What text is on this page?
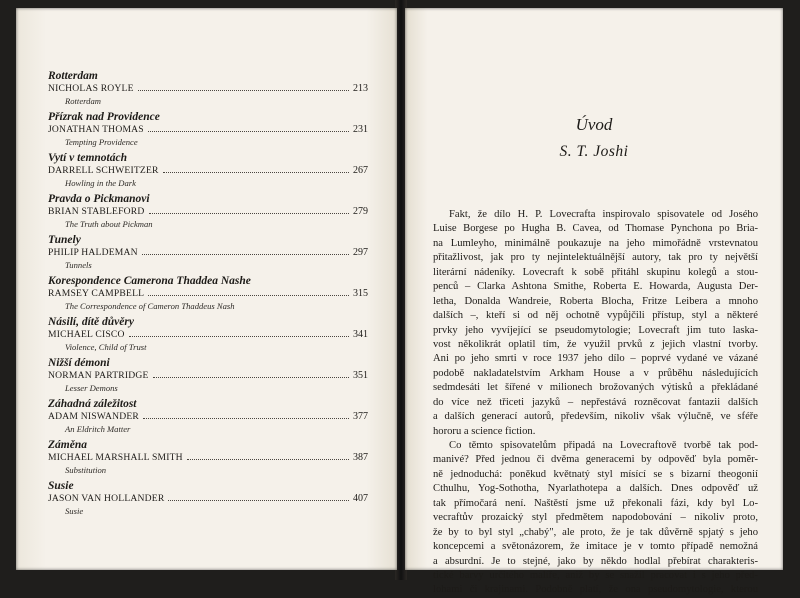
Rotterdam
NICHOLAS ROYLE	213
Rotterdam
Přízrak nad Providence
JONATHAN THOMAS	231
Tempting Providence
Vytí v temnotách
DARRELL SCHWEITZER	267
Howling in the Dark
Pravda o Pickmanovi
BRIAN STABLEFORD	279
The Truth about Pickman
Tunely
PHILIP HALDEMAN	297
Tunnels
Korespondence Camerona Thaddea Nashe
RAMSEY CAMPBELL	315
The Correspondence of Cameron Thaddeus Nash
Násilí, dítě důvěry
MICHAEL CISCO	341
Violence, Child of Trust
Nižší démoni
NORMAN PARTRIDGE	351
Lesser Demons
Záhadná záležitost
ADAM NISWANDER	377
An Eldritch Matter
Záměna
MICHAEL MARSHALL SMITH	387
Substitution
Susie
JASON VAN HOLLANDER	407
Susie
Úvod
S. T. Joshi
Fakt, že dílo H. P. Lovecrafta inspirovalo spisovatele od Josého
Luise Borgese po Hugha B. Cavea, od Thomase Pynchona po Bria-
na Lumleyho, minimálně poukazuje na jeho mimořádně vrstevnatou
přitažlivost, jak pro ty nejintelektuálnější autory, tak pro ty největší
literární nádeníky. Lovecraft k sobě přitáhl skupinu kolegů a stou-
penců – Clarka Ashtona Smithe, Roberta E. Howarda, Augusta Der-
letha, Donalda Wandreie, Roberta Blocha, Fritze Leibera a mnoho
dalších –, kteří si od něj ochotně vypůjčili přístup, styl a některé
prvky jeho vyvíjející se pseudomytologie; Lovecraft jim tuto laska-
vost několikrát oplatil tím, že využil prvků z jejich vlastní tvorby.
Ani po jeho smrti v roce 1937 jeho dílo – poprvé vydané ve vázané
podobě nakladatelstvím Arkham House a v průběhu následujících
sedmdesáti let šířené v milionech brožovaných výtisků a překládané
do více než třiceti jazyků – nepřestává rozněcovat fantazii dalších
a dalších generací autorů, především, nikoliv však výlučně, ve sféře
hororu a science fiction.
Co těmto spisovatelům připadá na Lovecraftově tvorbě tak pod-
manivé? Před jednou či dvěma generacemi by odpověď byla pomĕr-
ně jednoduchá: poněkud květnatý styl mísící se s bizarní theogonií
Cthulhu, Yog-Sothotha, Nyarlathotepa a dalších. Dnes odpověď už
tak přímočará není. Naštěstí jsme už překonali fázi, kdy byl Lo-
vecraftův prozaický styl předmětem napodobování – nikoliv proto,
že by to byl styl „chabý", ale proto, že je tak důvěrně spjatý s jeho
koncepcemi a světonázorem, že imitace je v tomto případě nemožná
a absurdní. Je to stejné, jako by někdo hodlal přebírat charakteris-
tické barvy určitého malíře, aniž by se snažil pracovat i s jeho před-
lohami či krajinami. Podobně platí, že ona pseudomytologie, kterou
